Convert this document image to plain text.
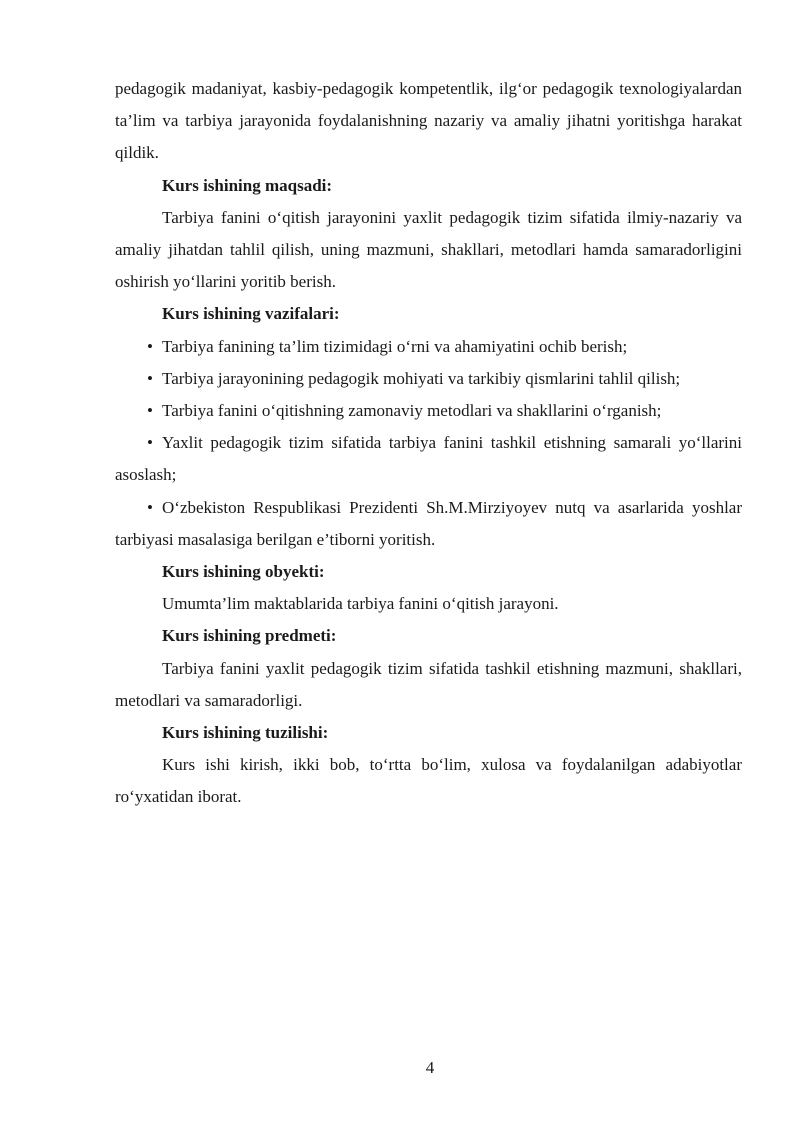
pedagogik madaniyat, kasbiy-pedagogik kompetentlik, ilg‘or pedagogik texnologiyalardan ta’lim va tarbiya jarayonida foydalanishning nazariy va amaliy jihatni yoritishga harakat qildik.

Kurs ishining maqsadi:

Tarbiya fanini o‘qitish jarayonini yaxlit pedagogik tizim sifatida ilmiy-nazariy va amaliy jihatdan tahlil qilish, uning mazmuni, shakllari, metodlari hamda samaradorligini oshirish yo‘llarini yoritib berish.

Kurs ishining vazifalari:

• Tarbiya fanining ta’lim tizimidagi o‘rni va ahamiyatini ochib berish;

• Tarbiya jarayonining pedagogik mohiyati va tarkibiy qismlarini tahlil qilish;

• Tarbiya fanini o‘qitishning zamonaviy metodlari va shakllarini o‘rganish;

• Yaxlit pedagogik tizim sifatida tarbiya fanini tashkil etishning samarali yo‘llarini asoslash;

• O‘zbekiston Respublikasi Prezidenti Sh.M.Mirziyoyev nutq va asarlarida yoshlar tarbiyasi masalasiga berilgan e’tiborni yoritish.

Kurs ishining obyekti:

Umumta’lim maktablarida tarbiya fanini o‘qitish jarayoni.

Kurs ishining predmeti:

Tarbiya fanini yaxlit pedagogik tizim sifatida tashkil etishning mazmuni, shakllari, metodlari va samaradorligi.

Kurs ishining tuzilishi:

Kurs ishi kirish, ikki bob, to‘rtta bo‘lim, xulosa va foydalanilgan adabiyotlar ro‘yxatidan iborat.

4
